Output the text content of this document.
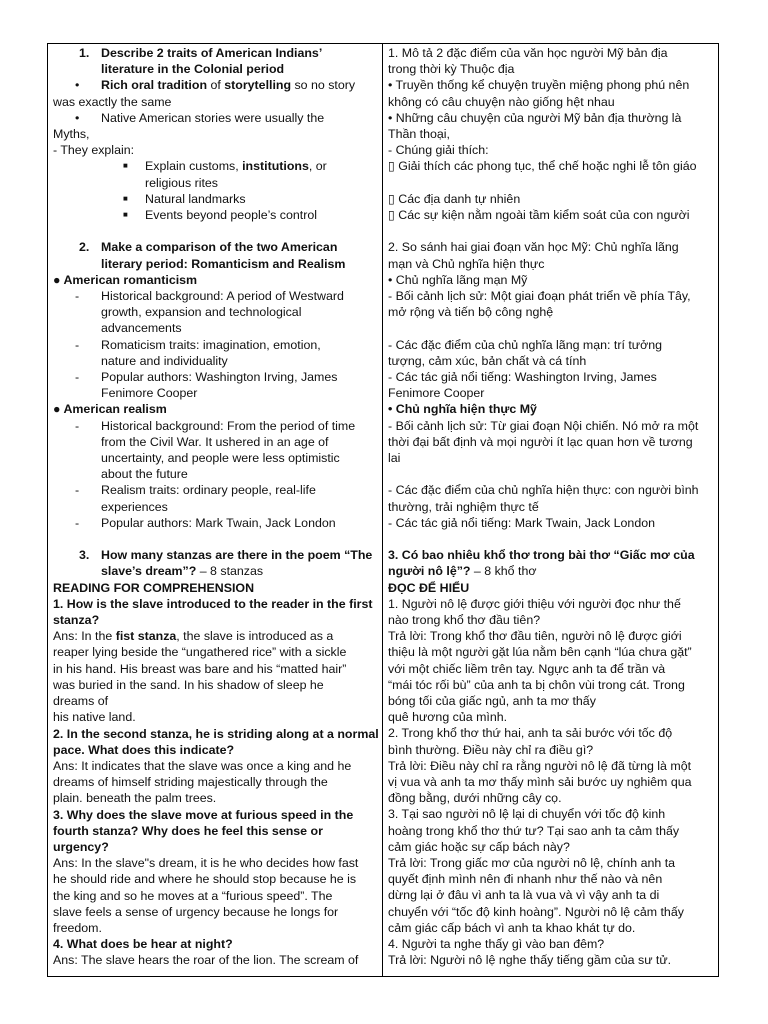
1. Describe 2 traits of American Indians’
literature in the Colonial period
• Rich oral tradition of storytelling so no story
was exactly the same
• Native American stories were usually the
Myths,
- They explain:
■ Explain customs, institutions, or
religious rites
■ Natural landmarks
■ Events beyond people’s control
2. Make a comparison of the two American
literary period: Romanticism and Realism
● American romanticism
- Historical background: A period of Westward
growth, expansion and technological
advancements
- Romaticism traits: imagination, emotion,
nature and individuality
- Popular authors: Washington Irving, James
Fenimore Cooper
● American realism
- Historical background: From the period of time
from the Civil War. It ushered in an age of
uncertainty, and people were less optimistic
about the future
- Realism traits: ordinary people, real-life
experiences
- Popular authors: Mark Twain, Jack London
3. How many stanzas are there in the poem “The
slave’s dream”? – 8 stanzas
READING FOR COMPREHENSION
1. How is the slave introduced to the reader in the first
stanza?
Ans: In the fist stanza, the slave is introduced as a
reaper lying beside the “ungathered rice” with a sickle
in his hand. His breast was bare and his “matted hair”
was buried in the sand. In his shadow of sleep he
dreams of
his native land.
2. In the second stanza, he is striding along at a normal
pace. What does this indicate?
Ans: It indicates that the slave was once a king and he
dreams of himself striding majestically through the
plain. beneath the palm trees.
3. Why does the slave move at furious speed in the
fourth stanza? Why does he feel this sense or
urgency?
Ans: In the slave"s dream, it is he who decides how fast
he should ride and where he should stop because he is
the king and so he moves at a “furious speed”. The
slave feels a sense of urgency because he longs for
freedom.
4. What does be hear at night?
Ans: The slave hears the roar of the lion. The scream of
1. Mô tả 2 đặc điểm của văn học người Mỹ bản địa
trong thời kỳ Thuộc địa
• Truyền thống kể chuyện truyền miệng phong phú nên
không có câu chuyện nào giống hệt nhau
• Những câu chuyện của người Mỹ bản địa thường là
Thần thoại,
- Chúng giải thích:
▯ Giải thích các phong tục, thể chế hoặc nghi lễ tôn giáo
▯ Các địa danh tự nhiên
▯ Các sự kiện nằm ngoài tầm kiểm soát của con người
2. So sánh hai giai đoạn văn học Mỹ: Chủ nghĩa lãng
mạn và Chủ nghĩa hiện thực
• Chủ nghĩa lãng mạn Mỹ
- Bối cảnh lịch sử: Một giai đoạn phát triển về phía Tây,
mở rộng và tiến bộ công nghệ
- Các đặc điểm của chủ nghĩa lãng mạn: trí tưởng
tượng, cảm xúc, bản chất và cá tính
- Các tác giả nổi tiếng: Washington Irving, James
Fenimore Cooper
• Chủ nghĩa hiện thực Mỹ
- Bối cảnh lịch sử: Từ giai đoạn Nội chiến. Nó mở ra một
thời đại bất định và mọi người ít lạc quan hơn về tương
lai
- Các đặc điểm của chủ nghĩa hiện thực: con người bình
thường, trải nghiệm thực tế
- Các tác giả nổi tiếng: Mark Twain, Jack London
3. Có bao nhiêu khổ thơ trong bài thơ “Giấc mơ của
người nô lệ”? – 8 khổ thơ
ĐỌC ĐỂ HIỂU
1. Người nô lệ được giới thiệu với người đọc như thế
nào trong khổ thơ đầu tiên?
Trả lời: Trong khổ thơ đầu tiên, người nô lệ được giới
thiệu là một người gặt lúa nằm bên cạnh “lúa chưa gặt”
với một chiếc liềm trên tay. Ngực anh ta để trần và
“mái tóc rối bù” của anh ta bị chôn vùi trong cát. Trong
bóng tối của giấc ngủ, anh ta mơ thấy
quê hương của mình.
2. Trong khổ thơ thứ hai, anh ta sải bước với tốc độ
bình thường. Điều này chỉ ra điều gì?
Trả lời: Điều này chỉ ra rằng người nô lệ đã từng là một
vị vua và anh ta mơ thấy mình sải bước uy nghiêm qua
đồng bằng, dưới những cây cọ.
3. Tại sao người nô lệ lại di chuyển với tốc độ kinh
hoàng trong khổ thơ thứ tư? Tại sao anh ta cảm thấy
cảm giác hoặc sự cấp bách này?
Trả lời: Trong giấc mơ của người nô lệ, chính anh ta
quyết định mình nên đi nhanh như thế nào và nên
dừng lại ở đâu vì anh ta là vua và vì vậy anh ta di
chuyển với “tốc độ kinh hoàng”. Người nô lệ cảm thấy
cảm giác cấp bách vì anh ta khao khát tự do.
4. Người ta nghe thấy gì vào ban đêm?
Trả lời: Người nô lệ nghe thấy tiếng gầm của sư tử.
